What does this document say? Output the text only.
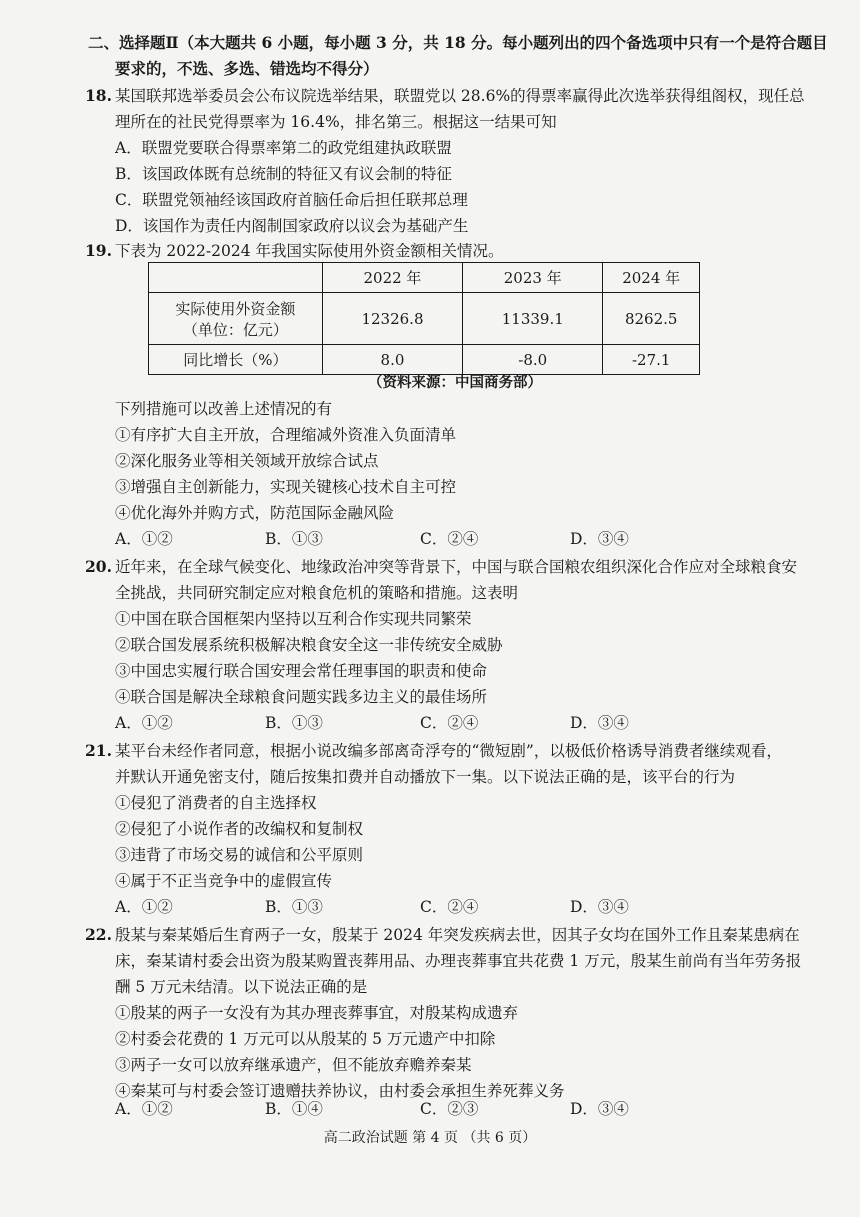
二、选择题Ⅱ（本大题共 6 小题，每小题 3 分，共 18 分。每小题列出的四个备选项中只有一个是符合题目
要求的，不选、多选、错选均不得分）
18. 某国联邦选举委员会公布议院选举结果，联盟党以 28.6%的得票率赢得此次选举获得组阁权，现任总
理所在的社民党得票率为 16.4%，排名第三。根据这一结果可知
A．联盟党要联合得票率第二的政党组建执政联盟
B．该国政体既有总统制的特征又有议会制的特征
C．联盟党领袖经该国政府首脑任命后担任联邦总理
D．该国作为责任内阁制国家政府以议会为基础产生
19. 下表为 2022-2024 年我国实际使用外资金额相关情况。
	2022 年	2023 年	2024 年

实际使用外资金额
（单位：亿元）	12326.8	11339.1	8262.5
同比增长（%）	8.0	-8.0	-27.1
（资料来源：中国商务部）
下列措施可以改善上述情况的有
①有序扩大自主开放，合理缩减外资准入负面清单
②深化服务业等相关领域开放综合试点
③增强自主创新能力，实现关键核心技术自主可控
④优化海外并购方式，防范国际金融风险
A．①②	B．①③	C．②④	D．③④
20. 近年来，在全球气候变化、地缘政治冲突等背景下，中国与联合国粮农组织深化合作应对全球粮食安
全挑战，共同研究制定应对粮食危机的策略和措施。这表明
①中国在联合国框架内坚持以互利合作实现共同繁荣
②联合国发展系统积极解决粮食安全这一非传统安全威胁
③中国忠实履行联合国安理会常任理事国的职责和使命
④联合国是解决全球粮食问题实践多边主义的最佳场所
A．①②	B．①③	C．②④	D．③④
21. 某平台未经作者同意，根据小说改编多部离奇浮夸的“微短剧”，以极低价格诱导消费者继续观看，
并默认开通免密支付，随后按集扣费并自动播放下一集。以下说法正确的是，该平台的行为
①侵犯了消费者的自主选择权
②侵犯了小说作者的改编权和复制权
③违背了市场交易的诚信和公平原则
④属于不正当竞争中的虚假宣传
A．①②	B．①③	C．②④	D．③④
22. 殷某与秦某婚后生育两子一女，殷某于 2024 年突发疾病去世，因其子女均在国外工作且秦某患病在
床，秦某请村委会出资为殷某购置丧葬用品、办理丧葬事宜共花费 1 万元，殷某生前尚有当年劳务报
酬 5 万元未结清。以下说法正确的是
①殷某的两子一女没有为其办理丧葬事宜，对殷某构成遗弃
②村委会花费的 1 万元可以从殷某的 5 万元遗产中扣除
③两子一女可以放弃继承遗产，但不能放弃赡养秦某
④秦某可与村委会签订遗赠扶养协议，由村委会承担生养死葬义务
A．①②	B．①④	C．②③	D．③④
高二政治试题 第 4 页 （共 6 页）
